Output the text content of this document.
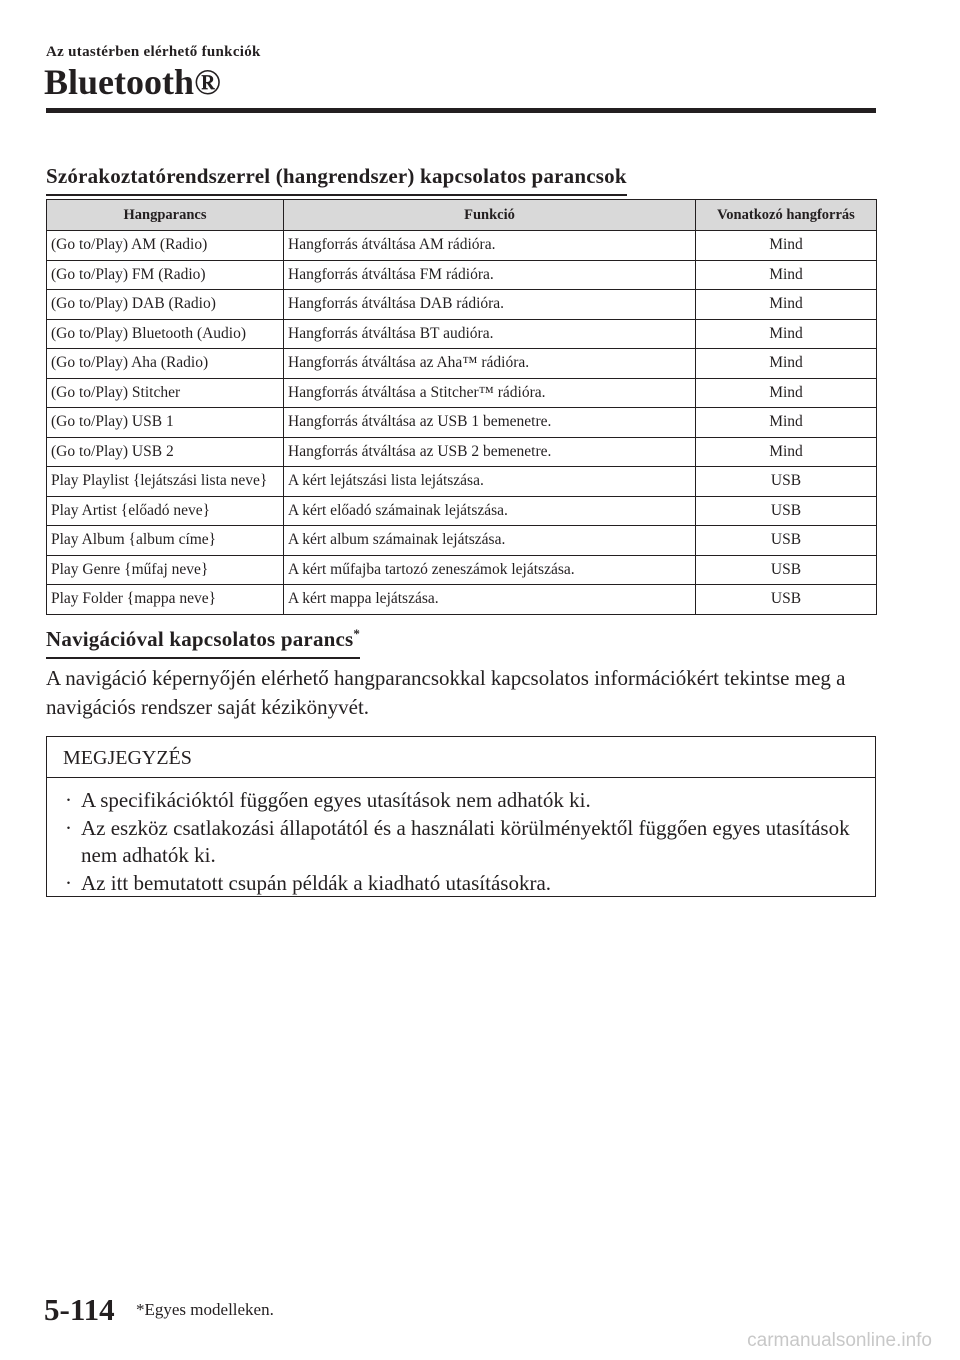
Az utastérben elérhető funkciók
Bluetooth®
Szórakoztatórendszerrel (hangrendszer) kapcsolatos parancsok
Hangparancs	Funkció	Vonatkozó hangforrás
(Go to/Play) AM (Radio)	Hangforrás átváltása AM rádióra.	Mind
(Go to/Play) FM (Radio)	Hangforrás átváltása FM rádióra.	Mind
(Go to/Play) DAB (Radio)	Hangforrás átváltása DAB rádióra.	Mind
(Go to/Play) Bluetooth (Audio)	Hangforrás átváltása BT audióra.	Mind
(Go to/Play) Aha (Radio)	Hangforrás átváltása az Aha™ rádióra.	Mind
(Go to/Play) Stitcher	Hangforrás átváltása a Stitcher™ rádióra.	Mind
(Go to/Play) USB 1	Hangforrás átváltása az USB 1 bemenetre.	Mind
(Go to/Play) USB 2	Hangforrás átváltása az USB 2 bemenetre.	Mind
Play Playlist {lejátszási lista neve}	A kért lejátszási lista lejátszása.	USB
Play Artist {előadó neve}	A kért előadó számainak lejátszása.	USB
Play Album {album címe}	A kért album számainak lejátszása.	USB
Play Genre {műfaj neve}	A kért műfajba tartozó zeneszámok lejátszása.	USB
Play Folder {mappa neve}	A kért mappa lejátszása.	USB
Navigációval kapcsolatos parancs*

A navigáció képernyőjén elérhető hangparancsokkal kapcsolatos információkért tekintse meg a navigációs rendszer saját kézikönyvét.

MEGJEGYZÉS
· A specifikációktól függően egyes utasítások nem adhatók ki.
· Az eszköz csatlakozási állapotától és a használati körülményektől függően egyes utasítások nem adhatók ki.
· Az itt bemutatott csupán példák a kiadható utasításokra.
5-114 *Egyes modelleken.
carmanualsonline.info
